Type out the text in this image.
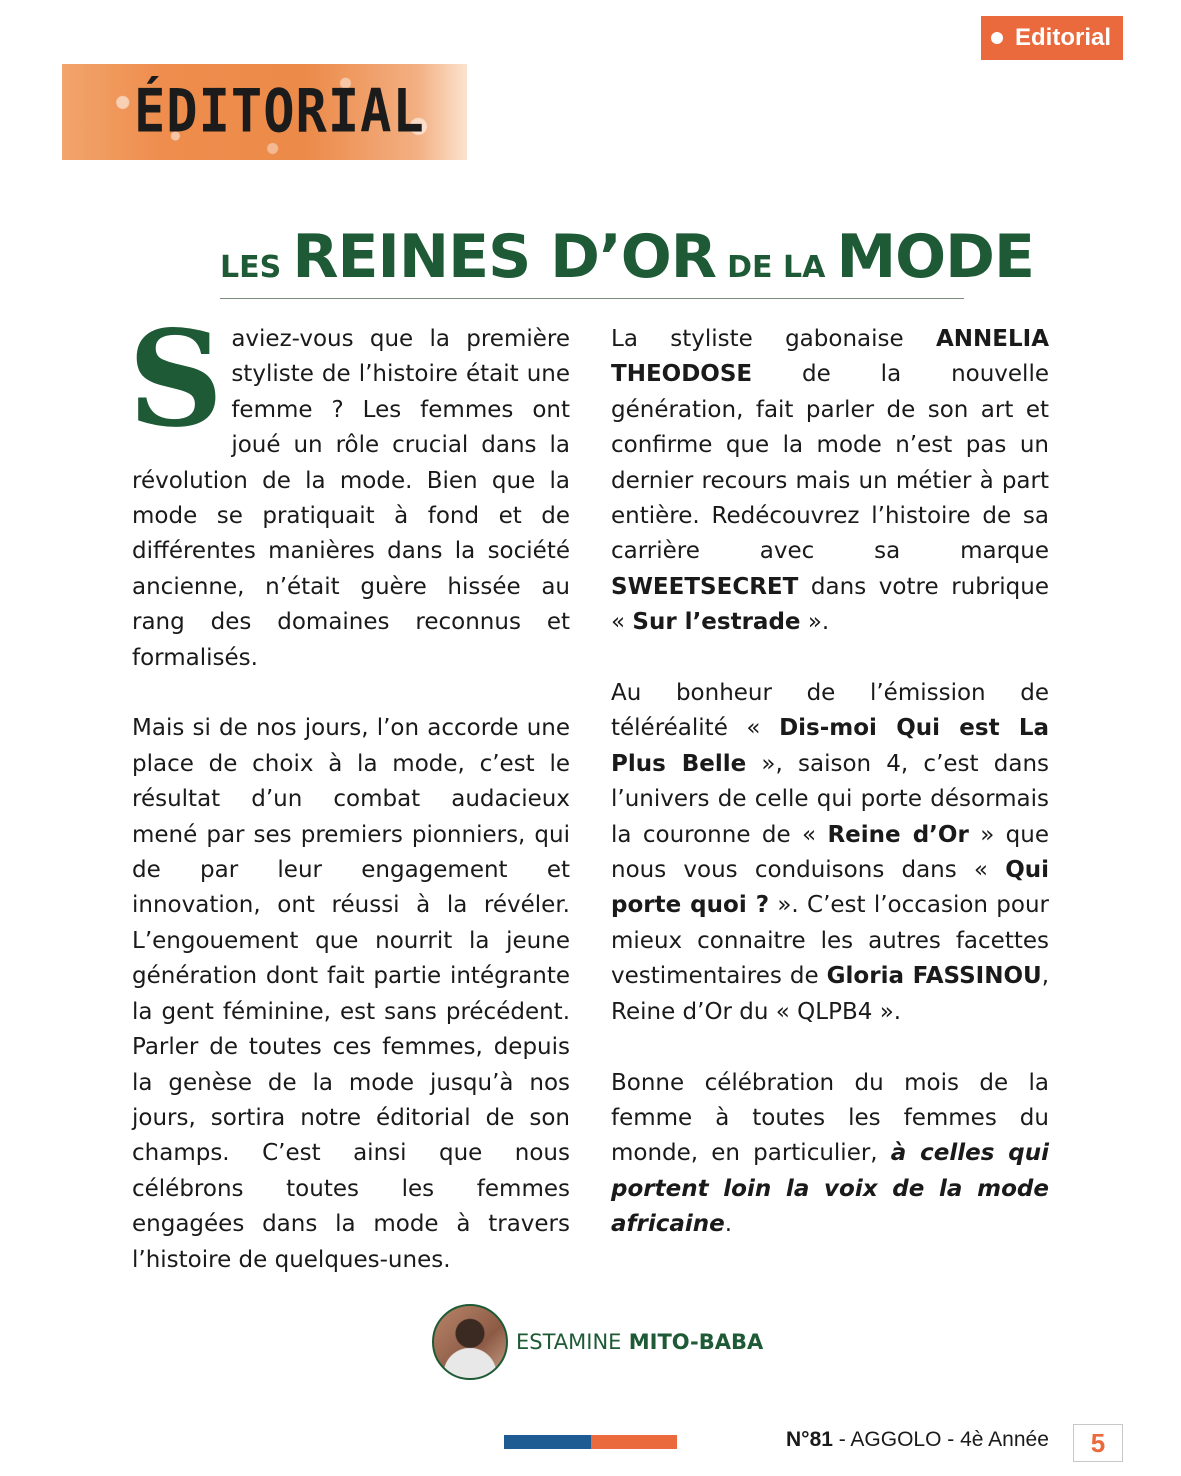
Editorial
ÉDITORIAL
LES REINES D’OR DE LA MODE

Saviez-vous que la première styliste de l’histoire était une femme ? Les femmes ont joué un rôle crucial dans la révolution de la mode. Bien que la mode se pratiquait à fond et de différentes manières dans la société ancienne, n’était guère hissée au rang des domaines reconnus et formalisés.

Mais si de nos jours, l’on accorde une place de choix à la mode, c’est le résultat d’un combat audacieux mené par ses premiers pionniers, qui de par leur engagement et innovation, ont réussi à la révéler. L’engouement que nourrit la jeune génération dont fait partie intégrante la gent féminine, est sans précédent. Parler de toutes ces femmes, depuis la genèse de la mode jusqu’à nos jours, sortira notre éditorial de son champs. C’est ainsi que nous célébrons toutes les femmes engagées dans la mode à travers l’histoire de quelques-unes.

La styliste gabonaise ANNELIA THEODOSE de la nouvelle génération, fait parler de son art et confirme que la mode n’est pas un dernier recours mais un métier à part entière. Redécouvrez l’histoire de sa carrière avec sa marque SWEETSECRET dans votre rubrique « Sur l’estrade ».

Au bonheur de l’émission de téléréalité « Dis-moi Qui est La Plus Belle », saison 4, c’est dans l’univers de celle qui porte désormais la couronne de « Reine d’Or » que nous vous conduisons dans « Qui porte quoi ? ». C’est l’occasion pour mieux connaitre les autres facettes vestimentaires de Gloria FASSINOU, Reine d’Or du « QLPB4 ».

Bonne célébration du mois de la femme à toutes les femmes du monde, en particulier, à celles qui portent loin la voix de la mode africaine.

ESTAMINE MITO-BABA
N°81 - AGGOLO - 4è Année	5
